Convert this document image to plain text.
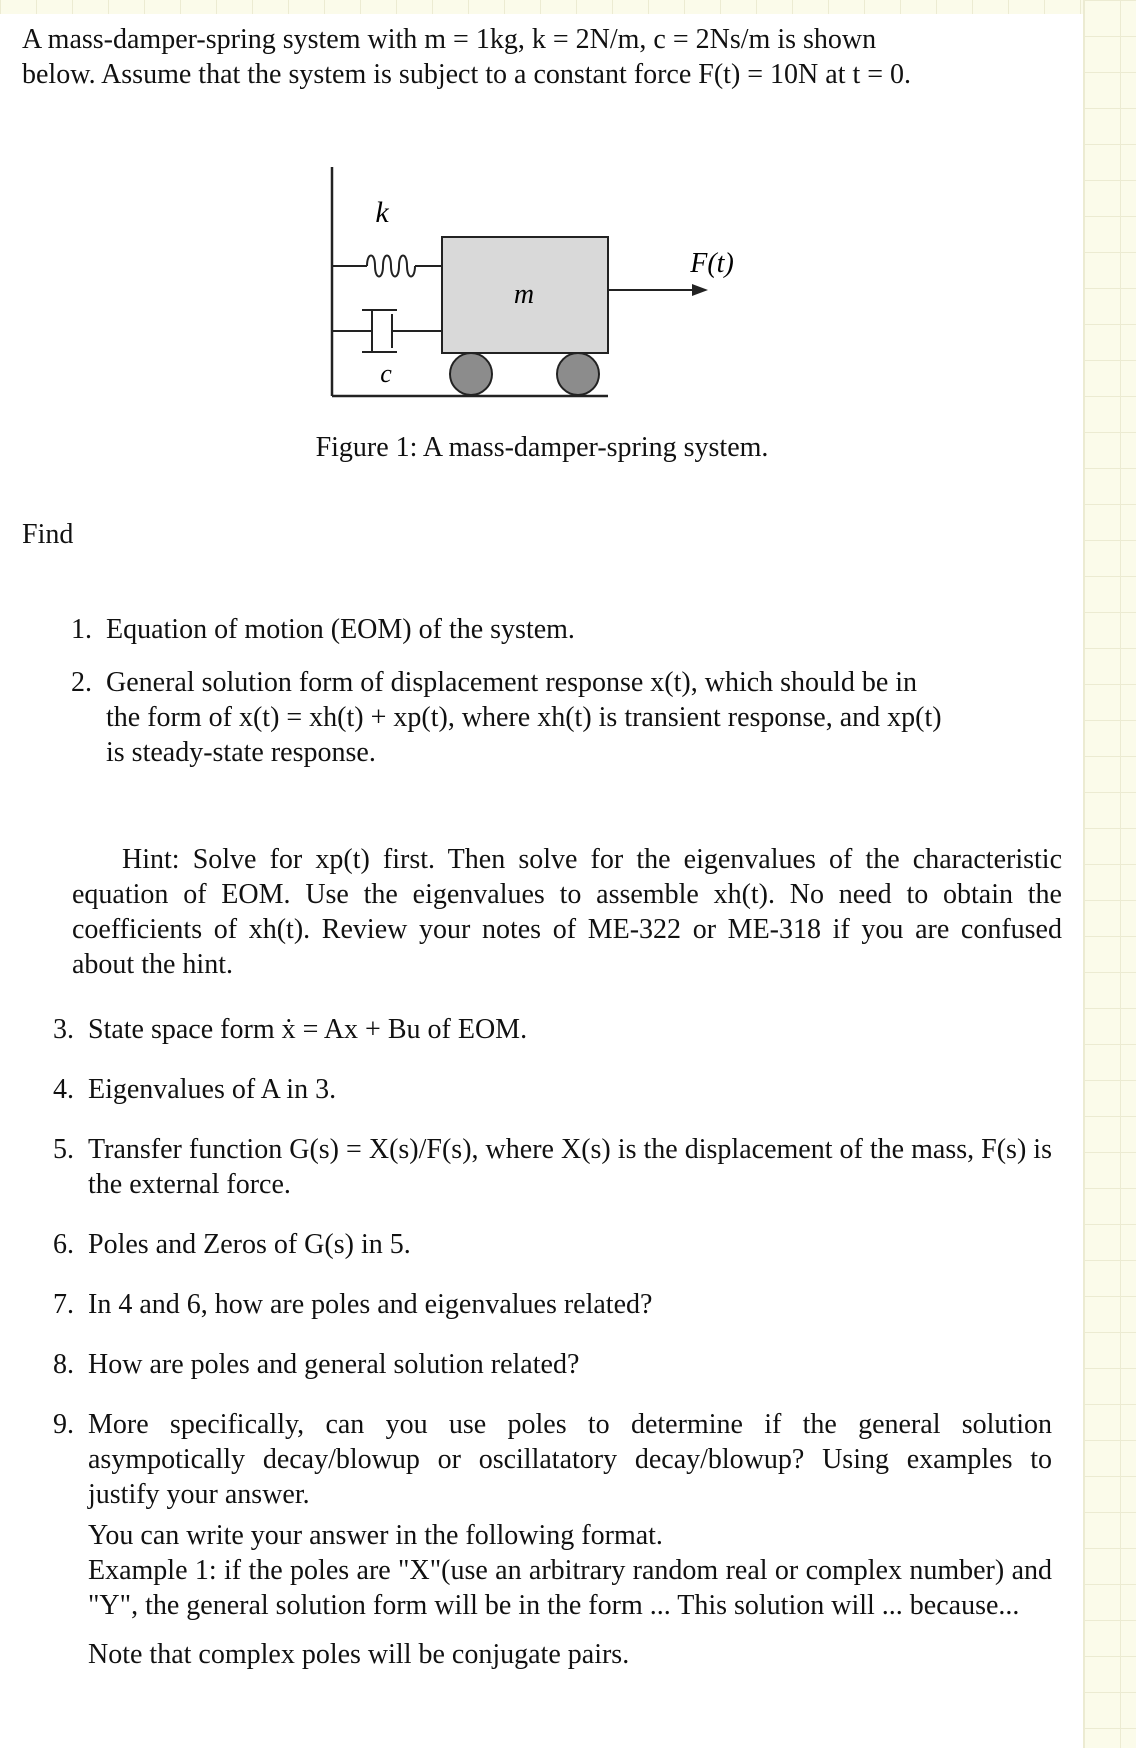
A mass-damper-spring system with m = 1kg, k = 2N/m, c = 2Ns/m is shown
below. Assume that the system is subject to a constant force F(t) = 10N at t = 0.

k
c
m
F(t)
Figure 1: A mass-damper-spring system.
Find
1. Equation of motion (EOM) of the system.
2. General solution form of displacement response x(t), which should be in
the form of x(t) = xh(t) + xp(t), where xh(t) is transient response, and xp(t)
is steady-state response.
Hint: Solve for xp(t) first. Then solve for the eigenvalues of the characteristic equation of EOM. Use the eigenvalues to assemble xh(t). No need to obtain the coefficients of xh(t). Review your notes of ME-322 or ME-318 if you are confused about the hint.
3. State space form ẋ = Ax + Bu of EOM.
4. Eigenvalues of A in 3.
5. Transfer function G(s) = X(s)/F(s), where X(s) is the displacement of the mass, F(s) is the external force.
6. Poles and Zeros of G(s) in 5.
7. In 4 and 6, how are poles and eigenvalues related?
8. How are poles and general solution related?
9. More specifically, can you use poles to determine if the general solution asympotically decay/blowup or oscillatatory decay/blowup? Using examples to justify your answer.

You can write your answer in the following format.

Example 1: if the poles are "X"(use an arbitrary random real or complex number) and "Y", the general solution form will be in the form ... This solution will ... because...

Note that complex poles will be conjugate pairs.
